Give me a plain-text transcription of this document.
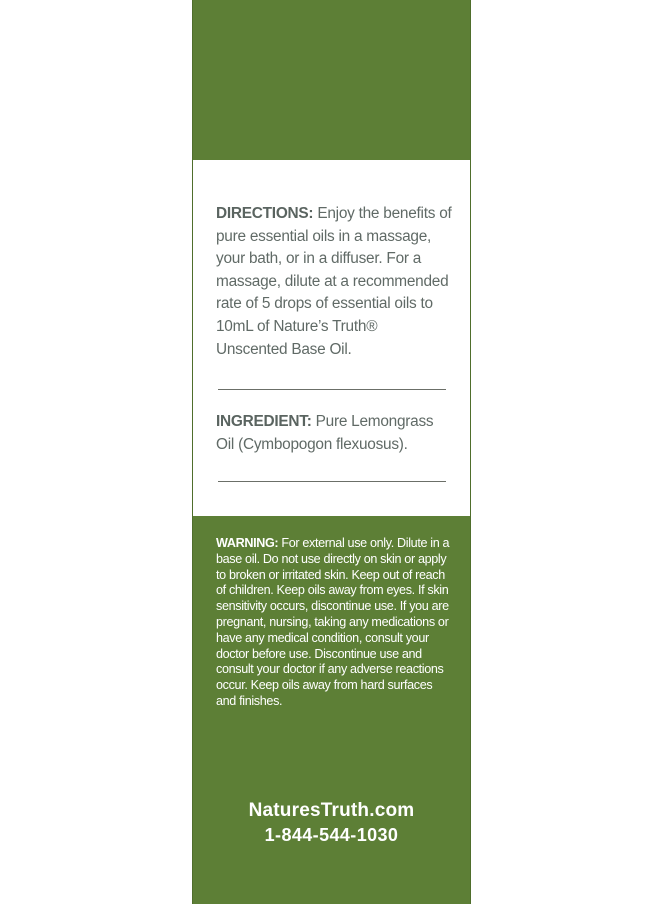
DIRECTIONS: Enjoy the benefits of pure essential oils in a massage, your bath, or in a diffuser. For a massage, dilute at a recommended rate of 5 drops of essential oils to 10mL of Nature’s Truth® Unscented Base Oil.
INGREDIENT: Pure Lemongrass Oil (Cymbopogon flexuosus).
WARNING: For external use only. Dilute in a base oil. Do not use directly on skin or apply to broken or irritated skin. Keep out of reach of children. Keep oils away from eyes. If skin sensitivity occurs, discontinue use. If you are pregnant, nursing, taking any medications or have any medical condition, consult your doctor before use. Discontinue use and consult your doctor if any adverse reactions occur. Keep oils away from hard surfaces and finishes.
NaturesTruth.com
1-844-544-1030
